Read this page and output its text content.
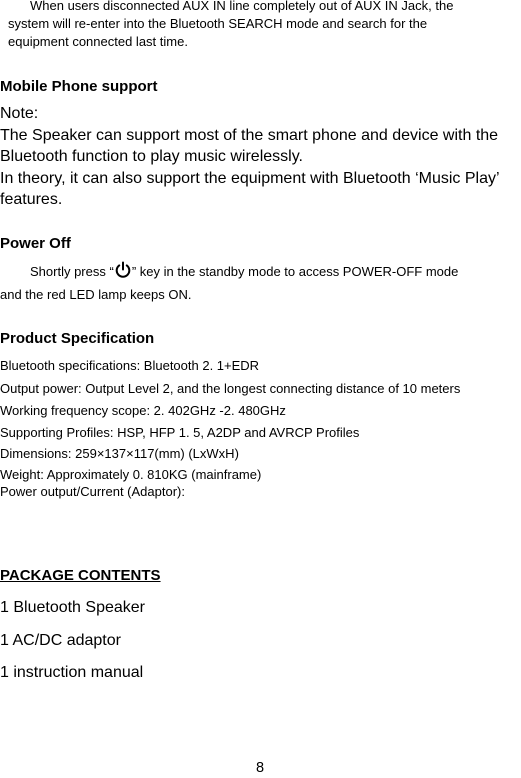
When users disconnected AUX IN line completely out of AUX IN Jack, the
system will re-enter into the Bluetooth SEARCH mode and search for the
equipment connected last time.
Mobile Phone support
Note:
The Speaker can support most of the smart phone and device with the
Bluetooth function to play music wirelessly.
In theory, it can also support the equipment with Bluetooth ‘Music Play’
features.
Power Off
Shortly press “ ” key in the standby mode to access POWER-OFF mode
and the red LED lamp keeps ON.
Product Specification
Bluetooth specifications: Bluetooth 2. 1+EDR
Output power: Output Level 2, and the longest connecting distance of 10 meters
Working frequency scope: 2. 402GHz -2. 480GHz
Supporting Profiles: HSP, HFP 1. 5, A2DP and AVRCP Profiles
Dimensions: 259×137×117(mm) (LxWxH)
Weight: Approximately 0. 810KG (mainframe)
Power output/Current (Adaptor):
PACKAGE CONTENTS
1 Bluetooth Speaker
1 AC/DC adaptor
1 instruction manual
8
